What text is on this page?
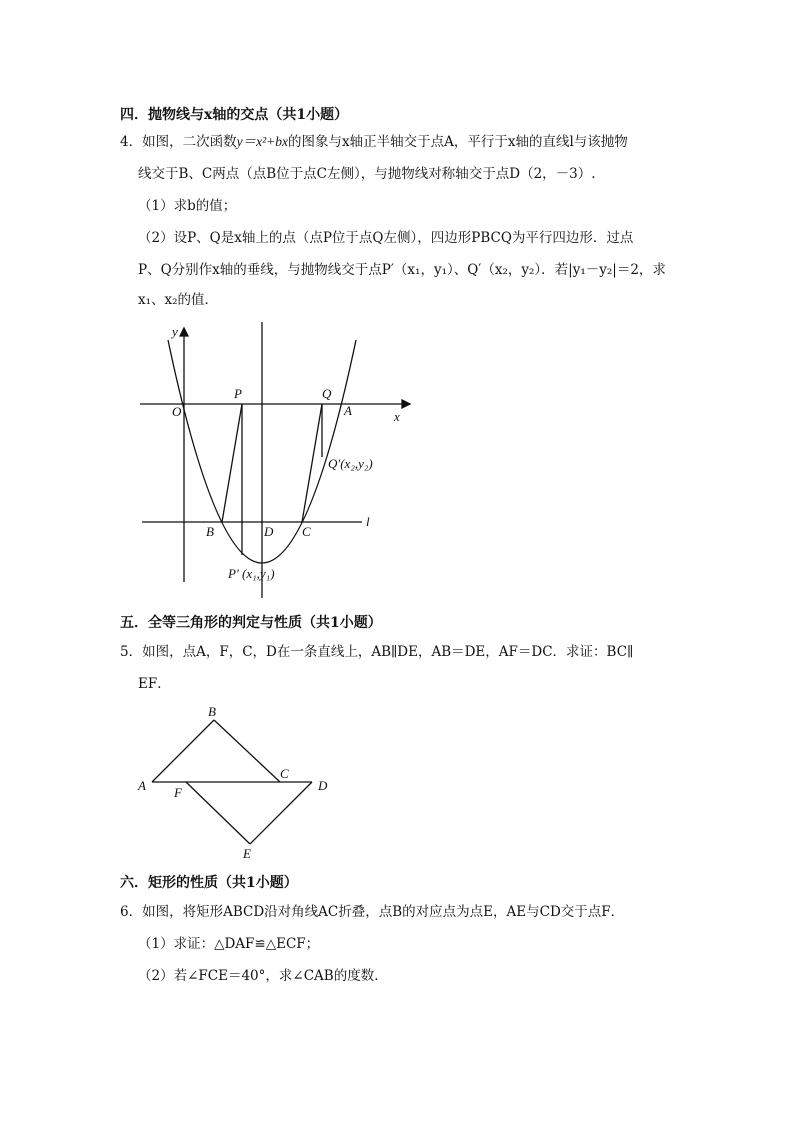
四．抛物线与x轴的交点（共1小题）
4．如图，二次函数y＝x²+bx的图象与x轴正半轴交于点A，平行于x轴的直线l与该抛物
线交于B、C两点（点B位于点C左侧），与抛物线对称轴交于点D（2，－3）.
（1）求b的值；
（2）设P、Q是x轴上的点（点P位于点Q左侧），四边形PBCQ为平行四边形．过点
P、Q分别作x轴的垂线，与抛物线交于点P′（x₁，y₁）、Q′（x₂，y₂）．若|y₁－y₂|＝2，求
x₁、x₂的值．
y
x
O
P	Q
A
Q′(x₂,y₂)
B	D C
l
P′ (x₁,y₁)
B
A F
C
D
E
五．全等三角形的判定与性质（共1小题）
5．如图，点A，F，C，D在一条直线上，AB∥DE，AB＝DE，AF＝DC．求证：BC∥
EF．
六．矩形的性质（共1小题）
6．如图，将矩形ABCD沿对角线AC折叠，点B的对应点为点E，AE与CD交于点F．
（1）求证：△DAF≌△ECF；
（2）若∠FCE＝40°，求∠CAB的度数．
